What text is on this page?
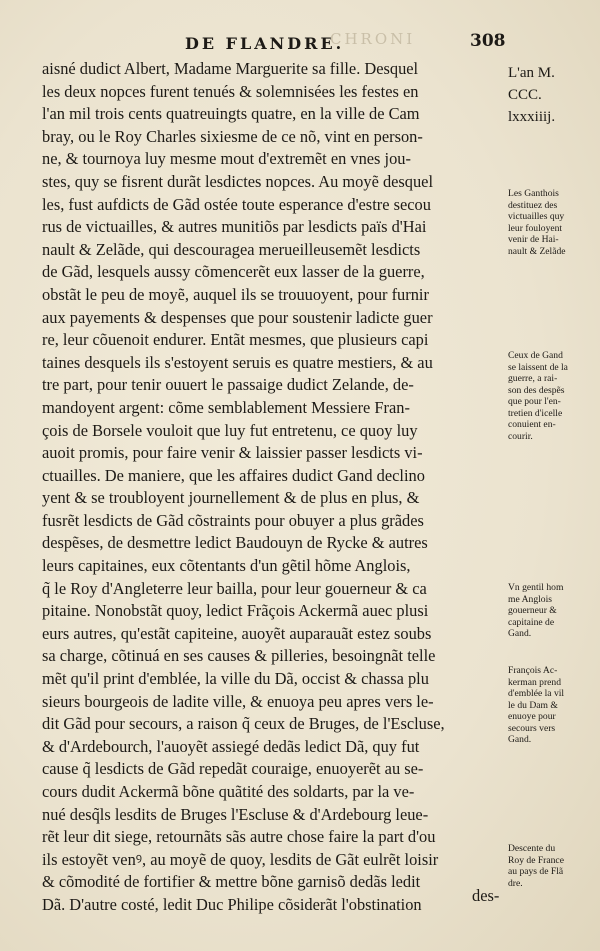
DE FLANDRE.
CHRONI	308
aisné dudict Albert, Madame Marguerite sa fille. Desquel
les deux nopces furent tenués & solemnisées les festes en
l'an mil trois cents quatreuingts quatre, en la ville de Cam
bray, ou le Roy Charles sixiesme de ce nõ, vint en person-
ne, & tournoya luy mesme mout d'extremẽt en vnes jou-
stes, quy se fisrent durãt lesdictes nopces. Au moyẽ desquel
les, fust aufdicts de Gãd ostée toute esperance d'estre secou
rus de victuailles, & autres munitiõs par lesdicts païs d'Hai
nault & Zelãde, qui descouragea merueilleusemẽt lesdicts
de Gãd, lesquels aussy cõmencerẽt eux lasser de la guerre,
obstãt le peu de moyẽ, auquel ils se trouuoyent, pour furnir
aux payements & despenses que pour soustenir ladicte guer
re, leur cõuenoit endurer. Entãt mesmes, que plusieurs capi
taines desquels ils s'estoyent seruis es quatre mestiers, & au
tre part, pour tenir ouuert le passaige dudict Zelande, de-
mandoyent argent: cõme semblablement Messiere Fran-
çois de Borsele vouloit que luy fut entretenu, ce quoy luy
auoit promis, pour faire venir & laissier passer lesdicts vi-
ctuailles. De maniere, que les affaires dudict Gand declino
yent & se troubloyent journellement & de plus en plus, &
fusrẽt lesdicts de Gãd cõstraints pour obuyer a plus grãdes
despẽses, de desmettre ledict Baudouyn de Rycke & autres
leurs capitaines, eux cõtentants d'un gẽtil hõme Anglois,
q̃ le Roy d'Angleterre leur bailla, pour leur gouerneur & ca
pitaine. Nonobstãt quoy, ledict Frãçois Ackermã auec plusi
eurs autres, qu'estãt capiteine, auoyẽt auparauãt estez soubs
sa charge, cõtinuá en ses causes & pilleries, besoingnãt telle
mẽt qu'il print d'emblée, la ville du Dã, occist & chassa plu
sieurs bourgeois de ladite ville, & enuoya peu apres vers le-
dit Gãd pour secours, a raison q̃ ceux de Bruges, de l'Escluse,
& d'Ardebourch, l'auoyẽt assiegé dedãs ledict Dã, quy fut
cause q̃ lesdicts de Gãd repedãt couraige, enuoyerẽt au se-
cours dudit Ackermã bõne quãtité des soldarts, par la ve-
nué desq̃ls lesdits de Bruges l'Escluse & d'Ardebourg leue-
rẽt leur dit siege, retournãts sãs autre chose faire la part d'ou
ils estoyẽt venꝰ, au moyẽ de quoy, lesdits de Gãt eulrẽt loisir
& cõmodité de fortifier & mettre bõne garnisõ dedãs ledit
Dã. D'autre costé, ledit Duc Philipe cõsiderãt l'obstination
L'an M.
CCC.
lxxxiiij.
Les Ganthois
destituez des
victuailles quy
leur fouloyent
venir de Hai-
nault & Zelãde
Ceux de Gand
se laissent de la
guerre, a rai-
son des despẽs
que pour l'en-
tretien d'icelle
conuient en-
courir.
Vn gentil hom
me Anglois
gouerneur &
capitaine de
Gand.
François Ac-
kerman prend
d'emblée la vil
le du Dam &
enuoye pour
secours vers
Gand.
Descente du
Roy de France
au pays de Flã
dre.
des-
